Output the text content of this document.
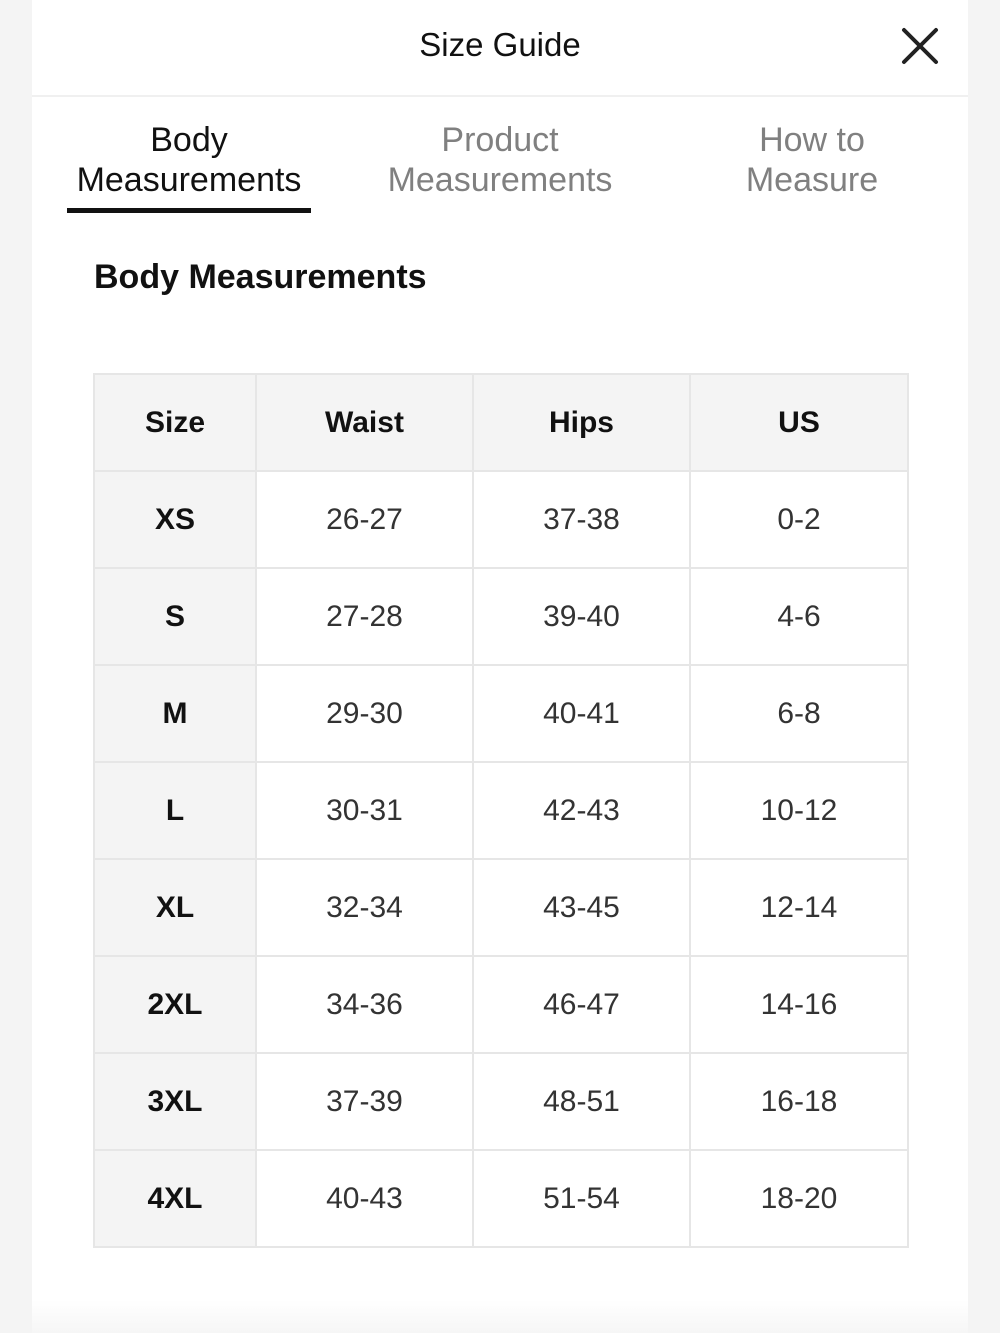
Size Guide
Body
Measurements
Product
Measurements
How to
Measure
Body Measurements
Size	Waist	Hips	US
XS	26-27	37-38	0-2
S	27-28	39-40	4-6
M	29-30	40-41	6-8
L	30-31	42-43	10-12
XL	32-34	43-45	12-14
2XL	34-36	46-47	14-16
3XL	37-39	48-51	16-18
4XL	40-43	51-54	18-20
